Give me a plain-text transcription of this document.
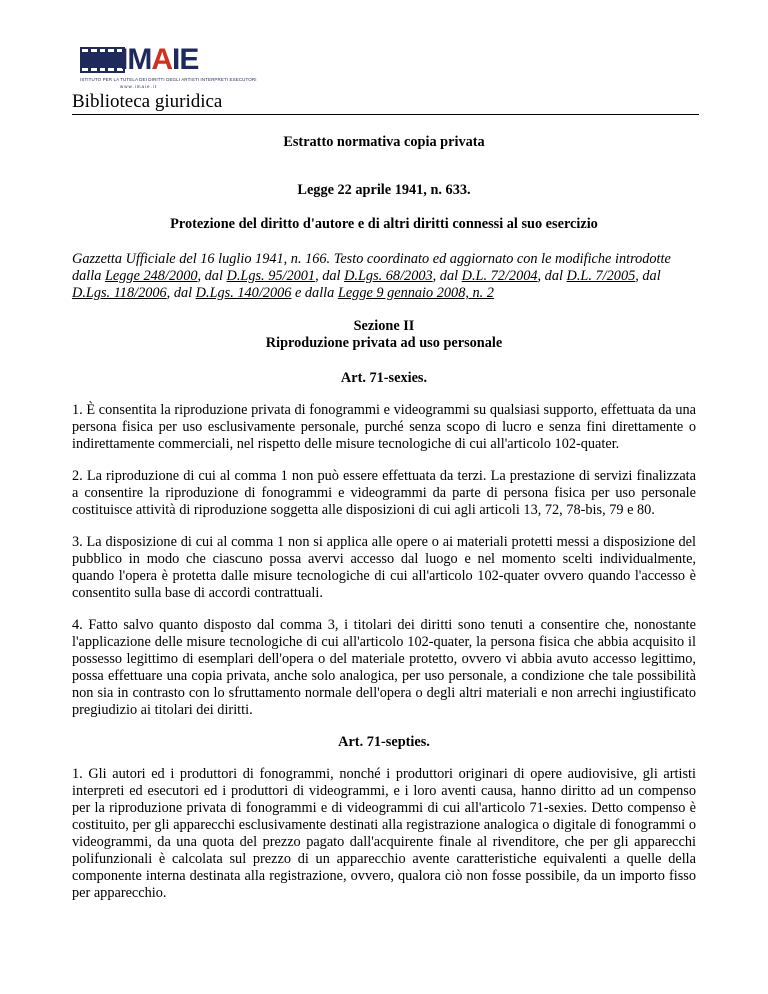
IMAIE
ISTITUTO PER LA TUTELA DEI DIRITTI DEGLI ARTISTI INTERPRETI ESECUTORI
www.imaie.it
Biblioteca giuridica

Estratto normativa copia privata

Legge 22 aprile 1941, n. 633.

Protezione del diritto d'autore e di altri diritti connessi al suo esercizio

Gazzetta Ufficiale del 16 luglio 1941, n. 166. Testo coordinato ed aggiornato con le modifiche introdotte dalla Legge 248/2000, dal D.Lgs. 95/2001, dal D.Lgs. 68/2003, dal D.L. 72/2004, dal D.L. 7/2005, dal D.Lgs. 118/2006, dal D.Lgs. 140/2006 e dalla Legge 9 gennaio 2008, n. 2

Sezione II

Riproduzione privata ad uso personale

Art. 71-sexies.

1. È consentita la riproduzione privata di fonogrammi e videogrammi su qualsiasi supporto, effettuata da una persona fisica per uso esclusivamente personale, purché senza scopo di lucro e senza fini direttamente o indirettamente commerciali, nel rispetto delle misure tecnologiche di cui all'articolo 102-quater.

2. La riproduzione di cui al comma 1 non può essere effettuata da terzi. La prestazione di servizi finalizzata a consentire la riproduzione di fonogrammi e videogrammi da parte di persona fisica per uso personale costituisce attività di riproduzione soggetta alle disposizioni di cui agli articoli 13, 72, 78-bis, 79 e 80.

3. La disposizione di cui al comma 1 non si applica alle opere o ai materiali protetti messi a disposizione del pubblico in modo che ciascuno possa avervi accesso dal luogo e nel momento scelti individualmente, quando l'opera è protetta dalle misure tecnologiche di cui all'articolo 102-quater ovvero quando l'accesso è consentito sulla base di accordi contrattuali.

4. Fatto salvo quanto disposto dal comma 3, i titolari dei diritti sono tenuti a consentire che, nonostante l'applicazione delle misure tecnologiche di cui all'articolo 102-quater, la persona fisica che abbia acquisito il possesso legittimo di esemplari dell'opera o del materiale protetto, ovvero vi abbia avuto accesso legittimo, possa effettuare una copia privata, anche solo analogica, per uso personale, a condizione che tale possibilità non sia in contrasto con lo sfruttamento normale dell'opera o degli altri materiali e non arrechi ingiustificato pregiudizio ai titolari dei diritti.

Art. 71-septies.

1. Gli autori ed i produttori di fonogrammi, nonché i produttori originari di opere audiovisive, gli artisti interpreti ed esecutori ed i produttori di videogrammi, e i loro aventi causa, hanno diritto ad un compenso per la riproduzione privata di fonogrammi e di videogrammi di cui all'articolo 71-sexies. Detto compenso è costituito, per gli apparecchi esclusivamente destinati alla registrazione analogica o digitale di fonogrammi o videogrammi, da una quota del prezzo pagato dall'acquirente finale al rivenditore, che per gli apparecchi polifunzionali è calcolata sul prezzo di un apparecchio avente caratteristiche equivalenti a quelle della componente interna destinata alla registrazione, ovvero, qualora ciò non fosse possibile, da un importo fisso per apparecchio.
